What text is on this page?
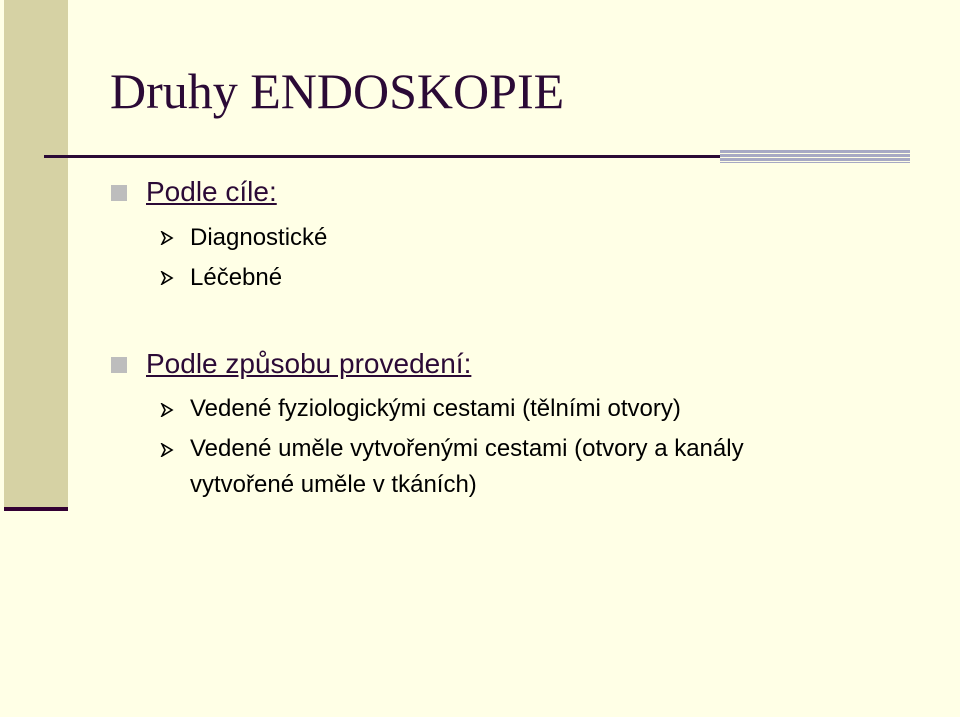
Druhy ENDOSKOPIE
Podle cíle:
Diagnostické
Léčebné
Podle způsobu provedení:
Vedené fyziologickými cestami (tělními otvory)
Vedené uměle vytvořenými cestami (otvory a kanály
vytvořené uměle v tkáních)
